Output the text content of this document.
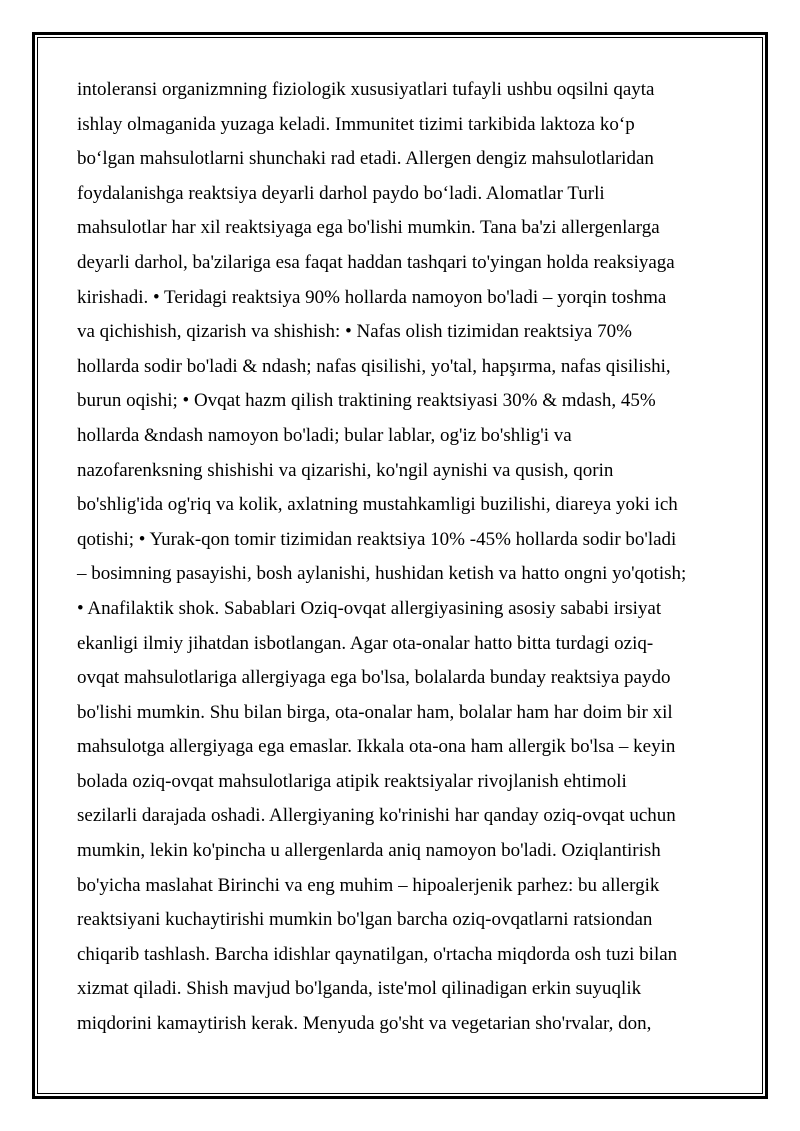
intoleransi organizmning fiziologik xususiyatlari tufayli ushbu oqsilni qayta
ishlay olmaganida yuzaga keladi. Immunitet tizimi tarkibida laktoza ko‘p
bo‘lgan mahsulotlarni shunchaki rad etadi. Allergen dengiz mahsulotlaridan
foydalanishga reaktsiya deyarli darhol paydo bo‘ladi. Alomatlar Turli
mahsulotlar har xil reaktsiyaga ega bo'lishi mumkin. Tana ba'zi allergenlarga
deyarli darhol, ba'zilariga esa faqat haddan tashqari to'yingan holda reaksiyaga
kirishadi. • Teridagi reaktsiya 90% hollarda namoyon bo'ladi – yorqin toshma
va qichishish, qizarish va shishish: • Nafas olish tizimidan reaktsiya 70%
hollarda sodir bo'ladi & ndash; nafas qisilishi, yo'tal, hapşırma, nafas qisilishi,
burun oqishi; • Ovqat hazm qilish traktining reaktsiyasi 30% & mdash, 45%
hollarda &ndash namoyon bo'ladi; bular lablar, og'iz bo'shlig'i va
nazofarenksning shishishi va qizarishi, ko'ngil aynishi va qusish, qorin
bo'shlig'ida og'riq va kolik, axlatning mustahkamligi buzilishi, diareya yoki ich
qotishi; • Yurak-qon tomir tizimidan reaktsiya 10% -45% hollarda sodir bo'ladi
– bosimning pasayishi, bosh aylanishi, hushidan ketish va hatto ongni yo'qotish;
• Anafilaktik shok. Sabablari Oziq-ovqat allergiyasining asosiy sababi irsiyat
ekanligi ilmiy jihatdan isbotlangan. Agar ota-onalar hatto bitta turdagi oziq-
ovqat mahsulotlariga allergiyaga ega bo'lsa, bolalarda bunday reaktsiya paydo
bo'lishi mumkin. Shu bilan birga, ota-onalar ham, bolalar ham har doim bir xil
mahsulotga allergiyaga ega emaslar. Ikkala ota-ona ham allergik bo'lsa – keyin
bolada oziq-ovqat mahsulotlariga atipik reaktsiyalar rivojlanish ehtimoli
sezilarli darajada oshadi. Allergiyaning ko'rinishi har qanday oziq-ovqat uchun
mumkin, lekin ko'pincha u allergenlarda aniq namoyon bo'ladi. Oziqlantirish
bo'yicha maslahat Birinchi va eng muhim – hipoalerjenik parhez: bu allergik
reaktsiyani kuchaytirishi mumkin bo'lgan barcha oziq-ovqatlarni ratsiondan
chiqarib tashlash. Barcha idishlar qaynatilgan, o'rtacha miqdorda osh tuzi bilan
xizmat qiladi. Shish mavjud bo'lganda, iste'mol qilinadigan erkin suyuqlik
miqdorini kamaytirish kerak. Menyuda go'sht va vegetarian sho'rvalar, don,
